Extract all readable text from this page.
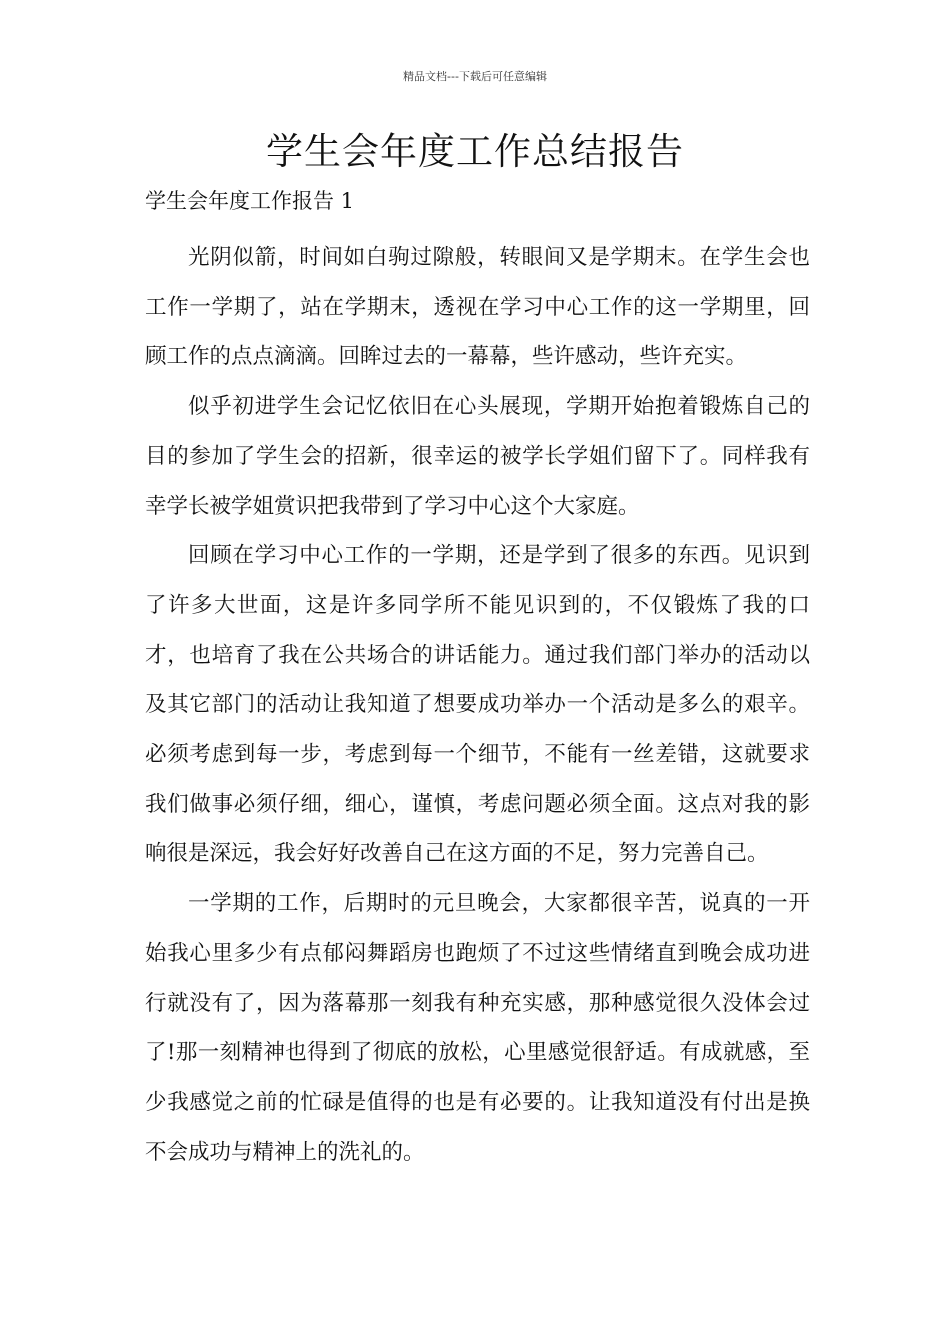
精品文档---下载后可任意编辑
学生会年度工作总结报告
学生会年度工作报告 1

光阴似箭，时间如白驹过隙般，转眼间又是学期末。在学生会也工作一学期了，站在学期末，透视在学习中心工作的这一学期里，回顾工作的点点滴滴。回眸过去的一幕幕，些许感动，些许充实。

似乎初进学生会记忆依旧在心头展现，学期开始抱着锻炼自己的目的参加了学生会的招新，很幸运的被学长学姐们留下了。同样我有幸学长被学姐赏识把我带到了学习中心这个大家庭。

回顾在学习中心工作的一学期，还是学到了很多的东西。见识到了许多大世面，这是许多同学所不能见识到的，不仅锻炼了我的口才，也培育了我在公共场合的讲话能力。通过我们部门举办的活动以及其它部门的活动让我知道了想要成功举办一个活动是多么的艰辛。必须考虑到每一步，考虑到每一个细节，不能有一丝差错，这就要求我们做事必须仔细，细心，谨慎，考虑问题必须全面。这点对我的影响很是深远，我会好好改善自己在这方面的不足，努力完善自己。

一学期的工作，后期时的元旦晚会，大家都很辛苦，说真的一开始我心里多少有点郁闷舞蹈房也跑烦了不过这些情绪直到晚会成功进行就没有了，因为落幕那一刻我有种充实感，那种感觉很久没体会过了!那一刻精神也得到了彻底的放松，心里感觉很舒适。有成就感，至少我感觉之前的忙碌是值得的也是有必要的。让我知道没有付出是换不会成功与精神上的洗礼的。
